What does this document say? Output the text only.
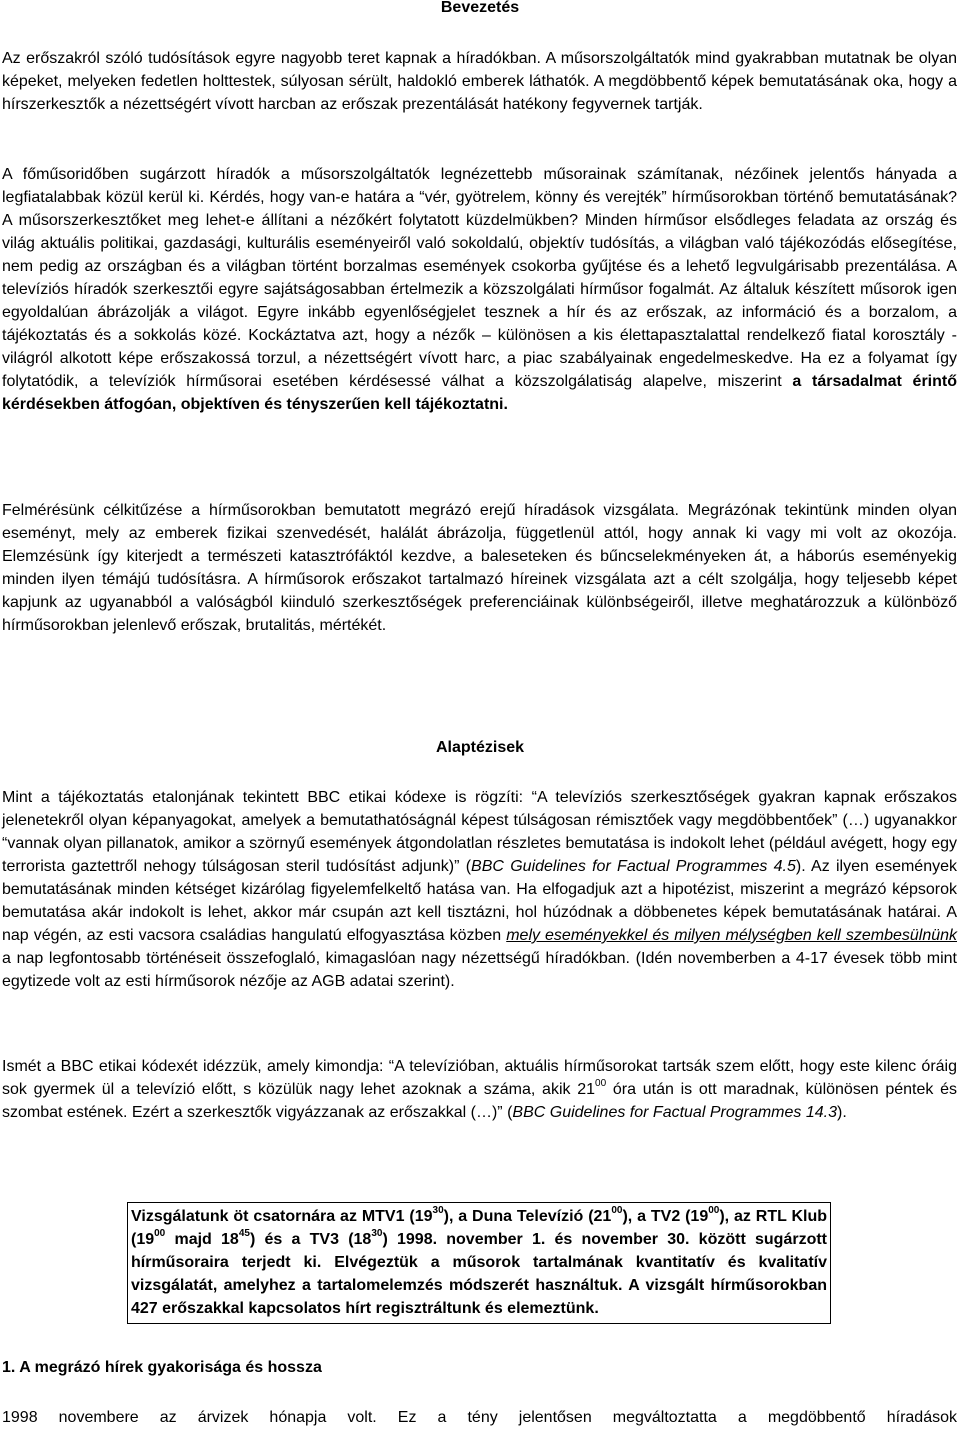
Bevezetés

Az erőszakról szóló tudósítások egyre nagyobb teret kapnak a híradókban. A műsorszolgáltatók mind gyakrabban mutatnak be olyan képeket, melyeken fedetlen holttestek, súlyosan sérült, haldokló emberek láthatók. A megdöbbentő képek bemutatásának oka, hogy a hírszerkesztők a nézettségért vívott harcban az erőszak prezentálását hatékony fegyvernek tartják.

A főműsoridőben sugárzott híradók a műsorszolgáltatók legnézettebb műsorainak számítanak, nézőinek jelentős hányada a legfiatalabbak közül kerül ki. Kérdés, hogy van-e határa a “vér, gyötrelem, könny és verejték” hírműsorokban történő bemutatásának? A műsorszerkesztőket meg lehet-e állítani a nézőkért folytatott küzdelmükben? Minden hírműsor elsődleges feladata az ország és világ aktuális politikai, gazdasági, kulturális eseményeiről való sokoldalú, objektív tudósítás, a világban való tájékozódás elősegítése, nem pedig az országban és a világban történt borzalmas események csokorba gyűjtése és a lehető legvulgárisabb prezentálása. A televíziós híradók szerkesztői egyre sajátságosabban értelmezik a közszolgálati hírműsor fogalmát. Az általuk készített műsorok igen egyoldalúan ábrázolják a világot. Egyre inkább egyenlőségjelet tesznek a hír és az erőszak, az információ és a borzalom, a tájékoztatás és a sokkolás közé. Kockáztatva azt, hogy a nézők – különösen a kis élettapasztalattal rendelkező fiatal korosztály - világról alkotott képe erőszakossá torzul, a nézettségért vívott harc, a piac szabályainak engedelmeskedve. Ha ez a folyamat így folytatódik, a televíziók hírműsorai esetében kérdésessé válhat a közszolgálatiság alapelve, miszerint a társadalmat érintő kérdésekben átfogóan, objektíven és tényszerűen kell tájékoztatni.

Felmérésünk célkitűzése a hírműsorokban bemutatott megrázó erejű híradások vizsgálata. Megrázónak tekintünk minden olyan eseményt, mely az emberek fizikai szenvedését, halálát ábrázolja, függetlenül attól, hogy annak ki vagy mi volt az okozója. Elemzésünk így kiterjedt a természeti katasztrófáktól kezdve, a baleseteken és bűncselekményeken át, a háborús eseményekig minden ilyen témájú tudósításra. A hírműsorok erőszakot tartalmazó híreinek vizsgálata azt a célt szolgálja, hogy teljesebb képet kapjunk az ugyanabból a valóságból kiinduló szerkesztőségek preferenciáinak különbségeiről, illetve meghatározzuk a különböző hírműsorokban jelenlevő erőszak, brutalitás, mértékét.

Alaptézisek

Mint a tájékoztatás etalonjának tekintett BBC etikai kódexe is rögzíti: “A televíziós szerkesztőségek gyakran kapnak erőszakos jelenetekről olyan képanyagokat, amelyek a bemutathatóságnál képest túlságosan rémisztőek vagy megdöbbentőek” (…) ugyanakkor “vannak olyan pillanatok, amikor a szörnyű események átgondolatlan részletes bemutatása is indokolt lehet (például avégett, hogy egy terrorista gaztettről nehogy túlságosan steril tudósítást adjunk)” (BBC Guidelines for Factual Programmes 4.5). Az ilyen események bemutatásának minden kétséget kizárólag figyelemfelkeltő hatása van. Ha elfogadjuk azt a hipotézist, miszerint a megrázó képsorok bemutatása akár indokolt is lehet, akkor már csupán azt kell tisztázni, hol húzódnak a döbbenetes képek bemutatásának határai. A nap végén, az esti vacsora családias hangulatú elfogyasztása közben mely eseményekkel és milyen mélységben kell szembesülnünk a nap legfontosabb történéseit összefoglaló, kimagaslóan nagy nézettségű híradókban. (Idén novemberben a 4-17 évesek több mint egytizede volt az esti hírműsorok nézője az AGB adatai szerint).

Ismét a BBC etikai kódexét idézzük, amely kimondja: “A televízióban, aktuális hírműsorokat tartsák szem előtt, hogy este kilenc óráig sok gyermek ül a televízió előtt, s közülük nagy lehet azoknak a száma, akik $21^{00}$ óra után is ott maradnak, különösen péntek és szombat estének. Ezért a szerkesztők vigyázzanak az erőszakkal (…)” (BBC Guidelines for Factual Programmes 14.3).

Vizsgálatunk öt csatornára az MTV1 $(19^{30})$, a Duna Televízió $(21^{00})$, a TV2 $(19^{00})$, az RTL Klub ($19^{00}$ majd $18^{45}$) és a TV3 $(18^{30})$ 1998. november 1. és november 30. között sugárzott hírműsoraira terjedt ki. Elvégeztük a műsorok tartalmának kvantitatív és kvalitatív vizsgálatát, amelyhez a tartalomelemzés módszerét használtuk. A vizsgált hírműsorokban 427 erőszakkal kapcsolatos hírt regisztráltunk és elemeztünk.

1. A megrázó hírek gyakorisága és hossza

1998 novembere az árvizek hónapja volt. Ez a tény jelentősen megváltoztatta a megdöbbentő híradások
